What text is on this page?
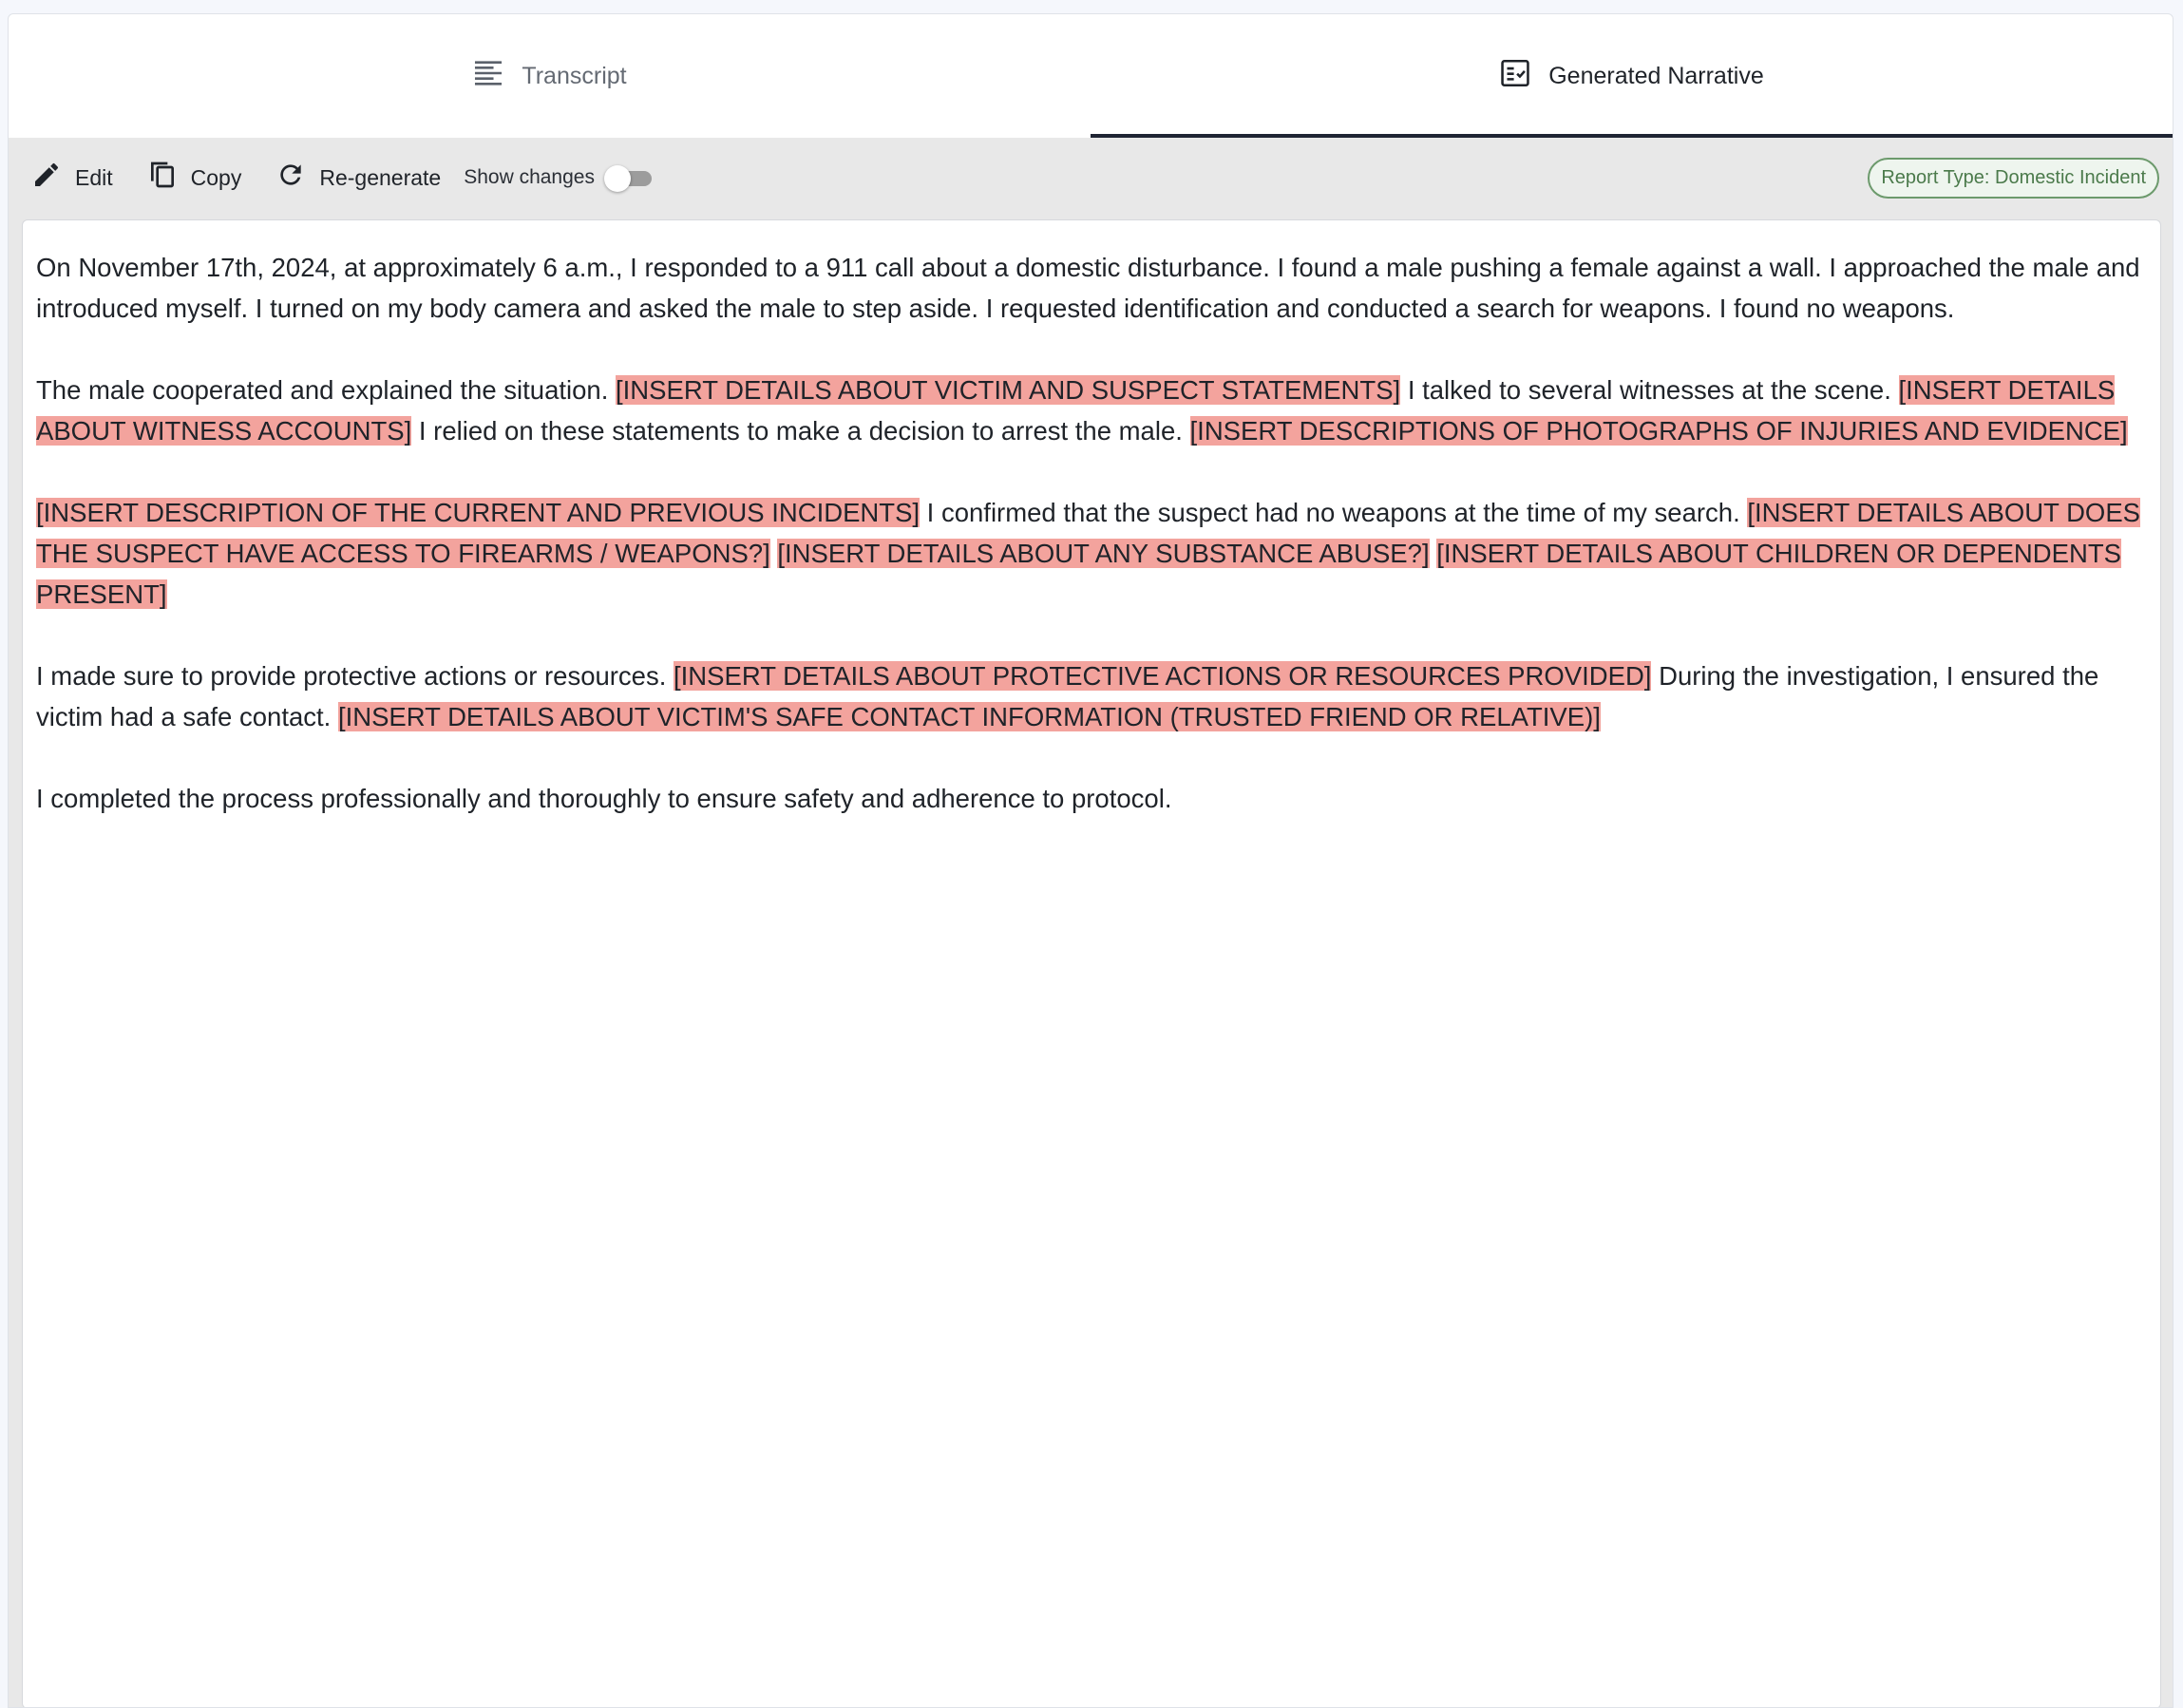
Transcript	Generated Narrative
Edit	Copy	Re-generate Show changes	Report Type: Domestic Incident

On November 17th, 2024, at approximately 6 a.m., I responded to a 911 call about a domestic disturbance. I found a male pushing a female against a wall. I approached the male and introduced myself. I turned on my body camera and asked the male to step aside. I requested identification and conducted a search for weapons. I found no weapons.

The male cooperated and explained the situation. [INSERT DETAILS ABOUT VICTIM AND SUSPECT STATEMENTS] I talked to several witnesses at the scene. [INSERT DETAILS ABOUT WITNESS ACCOUNTS] I relied on these statements to make a decision to arrest the male. [INSERT DESCRIPTIONS OF PHOTOGRAPHS OF INJURIES AND EVIDENCE]

[INSERT DESCRIPTION OF THE CURRENT AND PREVIOUS INCIDENTS] I confirmed that the suspect had no weapons at the time of my search. [INSERT DETAILS ABOUT DOES THE SUSPECT HAVE ACCESS TO FIREARMS / WEAPONS?] [INSERT DETAILS ABOUT ANY SUBSTANCE ABUSE?] [INSERT DETAILS ABOUT CHILDREN OR DEPENDENTS PRESENT]

I made sure to provide protective actions or resources. [INSERT DETAILS ABOUT PROTECTIVE ACTIONS OR RESOURCES PROVIDED] During the investigation, I ensured the victim had a safe contact. [INSERT DETAILS ABOUT VICTIM'S SAFE CONTACT INFORMATION (TRUSTED FRIEND OR RELATIVE)]

I completed the process professionally and thoroughly to ensure safety and adherence to protocol.
